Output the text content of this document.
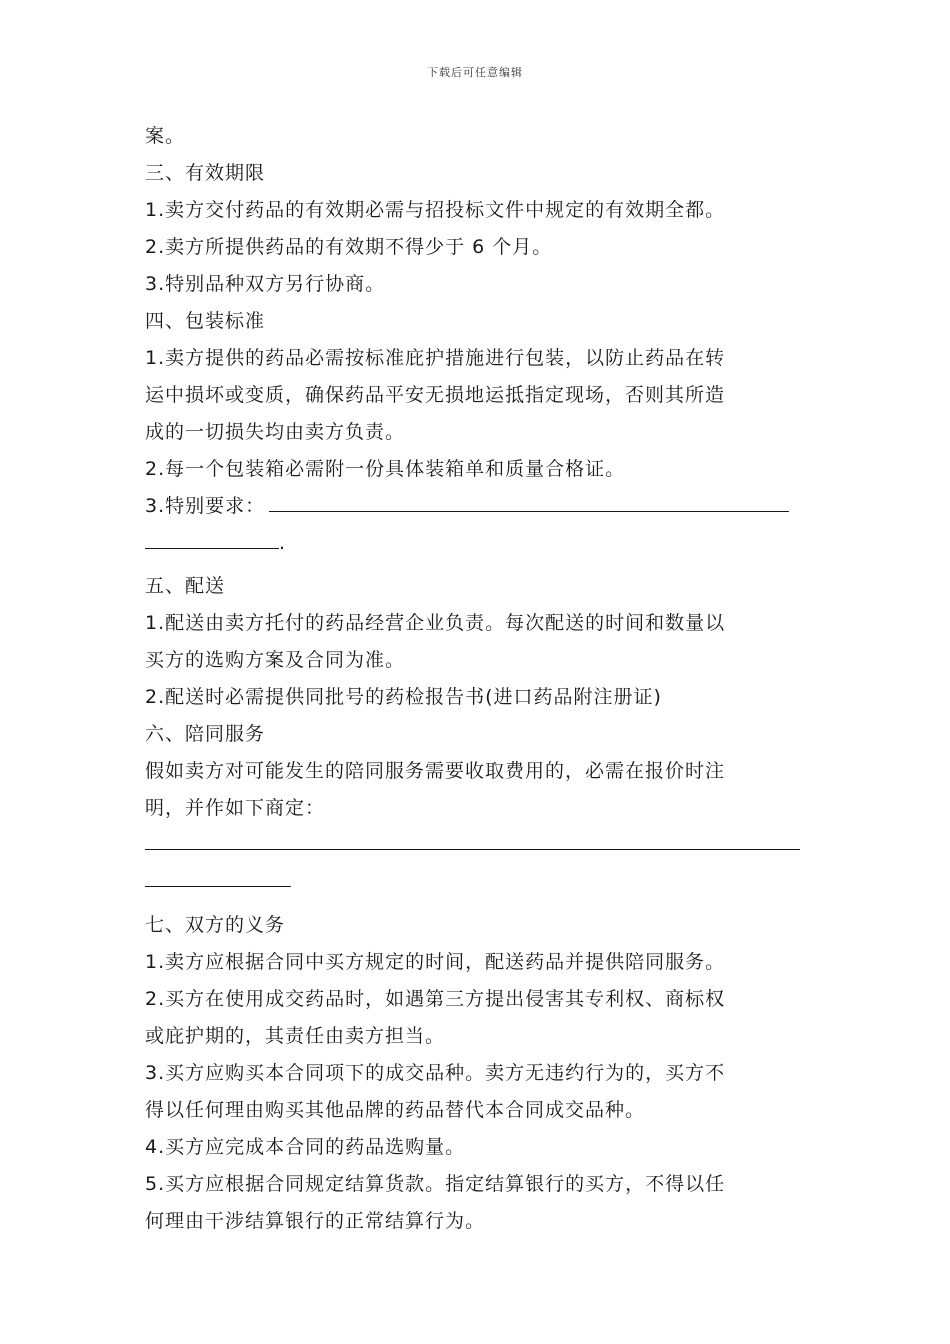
下载后可任意编辑
案。
三、有效期限
1.卖方交付药品的有效期必需与招投标文件中规定的有效期全都。
2.卖方所提供药品的有效期不得少于 6 个月。
3.特别品种双方另行协商。
四、包装标准
1.卖方提供的药品必需按标准庇护措施进行包装，以防止药品在转
运中损坏或变质，确保药品平安无损地运抵指定现场，否则其所造
成的一切损失均由卖方负责。
2.每一个包装箱必需附一份具体装箱单和质量合格证。
3.特别要求：
.
五、配送
1.配送由卖方托付的药品经营企业负责。每次配送的时间和数量以
买方的选购方案及合同为准。
2.配送时必需提供同批号的药检报告书(进口药品附注册证)
六、陪同服务
假如卖方对可能发生的陪同服务需要收取费用的，必需在报价时注
明，并作如下商定：
七、双方的义务
1.卖方应根据合同中买方规定的时间，配送药品并提供陪同服务。
2.买方在使用成交药品时，如遇第三方提出侵害其专利权、商标权
或庇护期的，其责任由卖方担当。
3.买方应购买本合同项下的成交品种。卖方无违约行为的，买方不
得以任何理由购买其他品牌的药品替代本合同成交品种。
4.买方应完成本合同的药品选购量。
5.买方应根据合同规定结算货款。指定结算银行的买方，不得以任
何理由干涉结算银行的正常结算行为。
